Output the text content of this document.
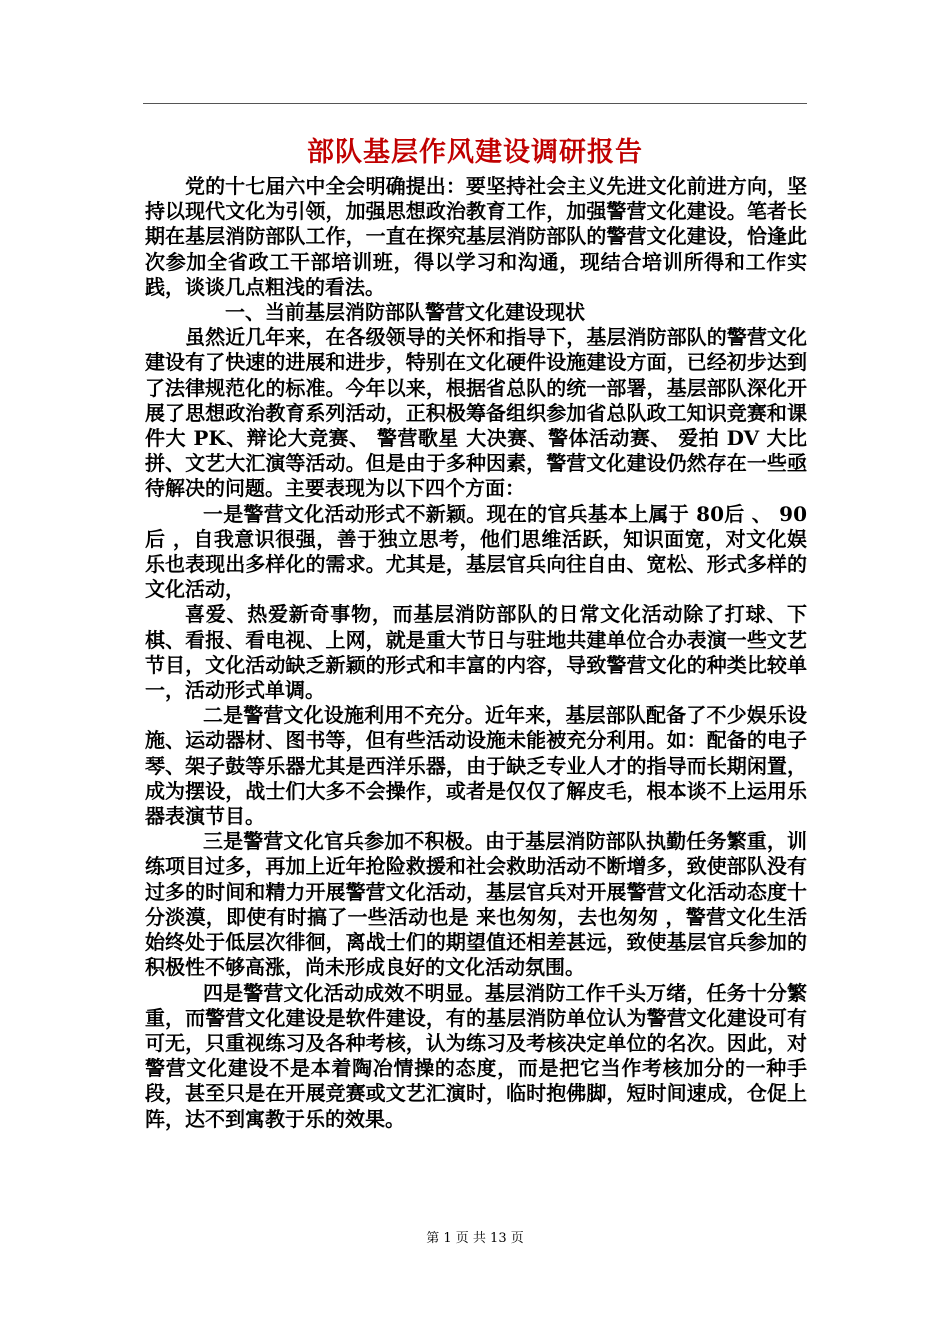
部队基层作风建设调研报告

党的十七届六中全会明确提出：要坚持社会主义先进文化前进方向，坚持以现代文化为引领，加强思想政治教育工作，加强警营文化建设。笔者长期在基层消防部队工作，一直在探究基层消防部队的警营文化建设，恰逢此次参加全省政工干部培训班，得以学习和沟通，现结合培训所得和工作实践，谈谈几点粗浅的看法。

一、当前基层消防部队警营文化建设现状

虽然近几年来，在各级领导的关怀和指导下，基层消防部队的警营文化建设有了快速的进展和进步，特别在文化硬件设施建设方面，已经初步达到了法律规范化的标准。今年以来，根据省总队的统一部署，基层部队深化开展了思想政治教育系列活动，正积极筹备组织参加省总队政工知识竞赛和课件大 PK、辩论大竞赛、 警营歌星 大决赛、警体活动赛、 爱拍 DV 大比拼、文艺大汇演等活动。但是由于多种因素，警营文化建设仍然存在一些亟待解决的问题。主要表现为以下四个方面：

一是警营文化活动形式不新颖。现在的官兵基本上属于 80后 、 90后 ，自我意识很强，善于独立思考，他们思维活跃，知识面宽，对文化娱乐也表现出多样化的需求。尤其是，基层官兵向往自由、宽松、形式多样的文化活动，

喜爱、热爱新奇事物，而基层消防部队的日常文化活动除了打球、下棋、看报、看电视、上网，就是重大节日与驻地共建单位合办表演一些文艺节目，文化活动缺乏新颖的形式和丰富的内容，导致警营文化的种类比较单一，活动形式单调。

二是警营文化设施利用不充分。近年来，基层部队配备了不少娱乐设施、运动器材、图书等，但有些活动设施未能被充分利用。如：配备的电子琴、架子鼓等乐器尤其是西洋乐器，由于缺乏专业人才的指导而长期闲置，成为摆设，战士们大多不会操作，或者是仅仅了解皮毛，根本谈不上运用乐器表演节目。

三是警营文化官兵参加不积极。由于基层消防部队执勤任务繁重，训练项目过多，再加上近年抢险救援和社会救助活动不断增多，致使部队没有过多的时间和精力开展警营文化活动，基层官兵对开展警营文化活动态度十分淡漠，即使有时搞了一些活动也是 来也匆匆，去也匆匆 ，警营文化生活始终处于低层次徘徊，离战士们的期望值还相差甚远，致使基层官兵参加的积极性不够高涨，尚未形成良好的文化活动氛围。

四是警营文化活动成效不明显。基层消防工作千头万绪，任务十分繁重，而警营文化建设是软件建设，有的基层消防单位认为警营文化建设可有可无，只重视练习及各种考核，认为练习及考核决定单位的名次。因此，对警营文化建设不是本着陶冶情操的态度，而是把它当作考核加分的一种手段，甚至只是在开展竞赛或文艺汇演时，临时抱佛脚，短时间速成，仓促上阵，达不到寓教于乐的效果。

第 1 页 共 13 页
